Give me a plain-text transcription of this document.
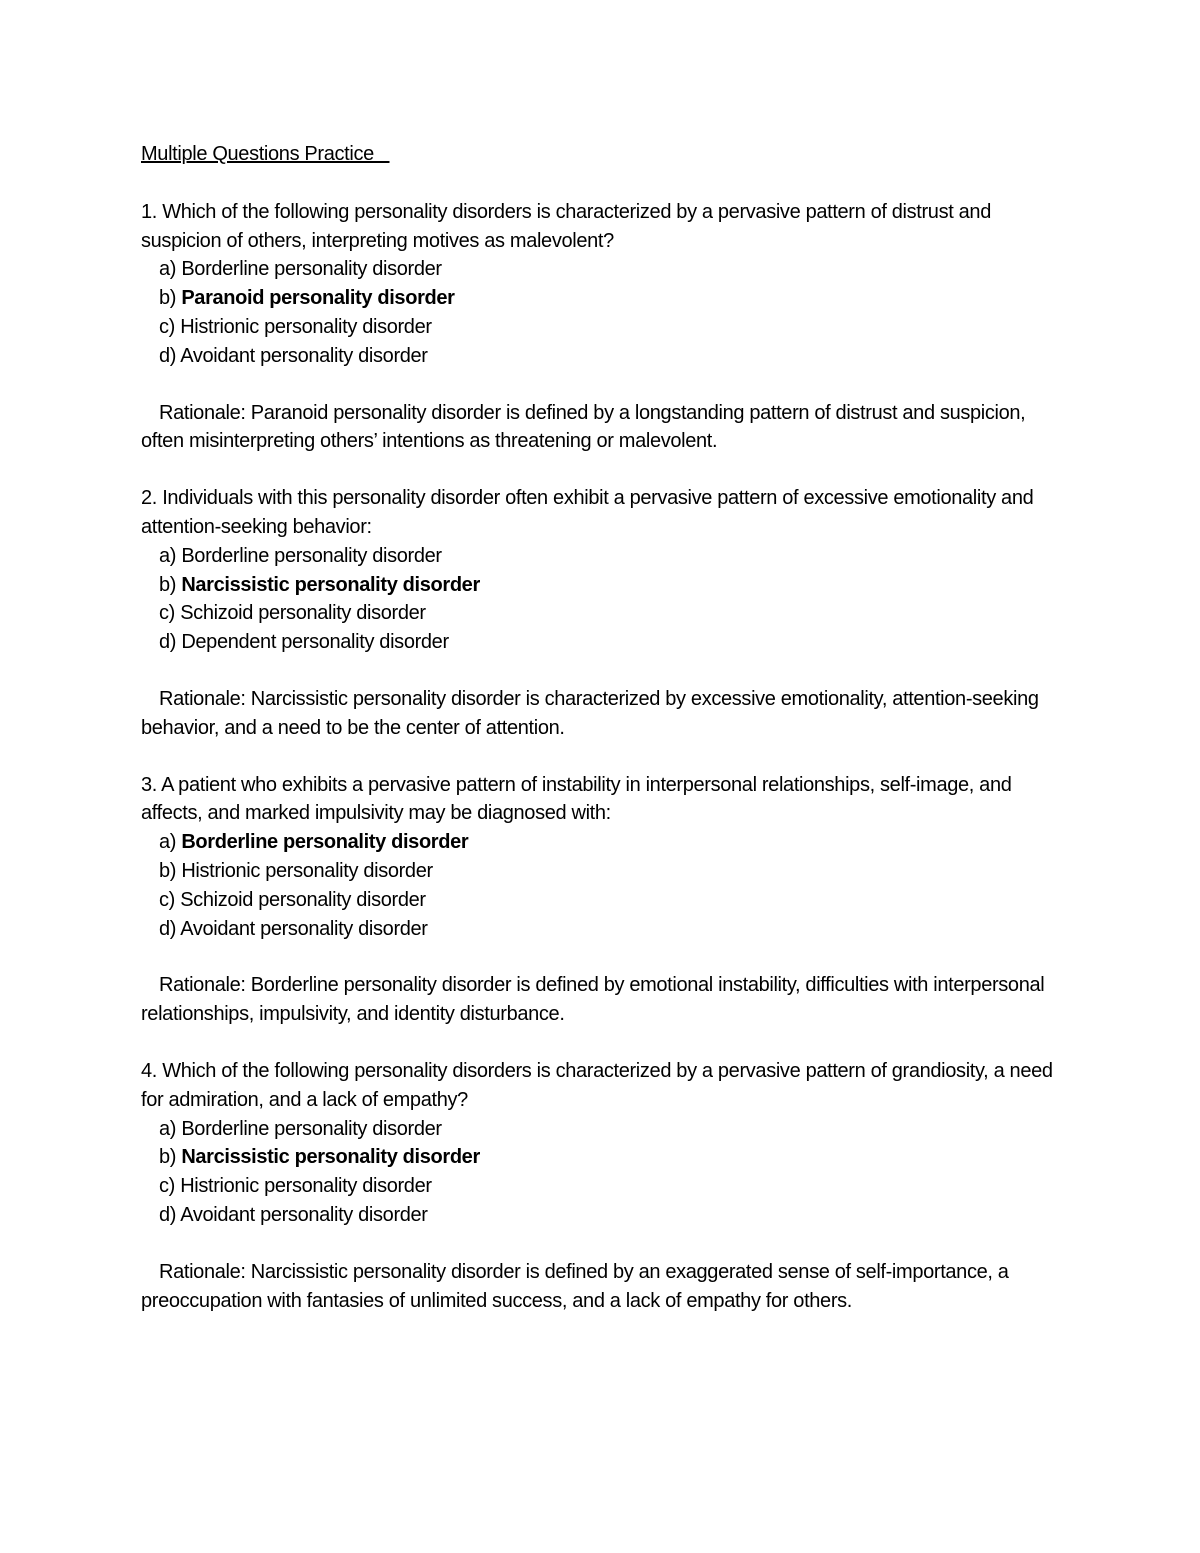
Multiple Questions Practice

1. Which of the following personality disorders is characterized by a pervasive pattern of distrust and suspicion of others, interpreting motives as malevolent?

a) Borderline personality disorder
b) Paranoid personality disorder
c) Histrionic personality disorder
d) Avoidant personality disorder

Rationale: Paranoid personality disorder is defined by a longstanding pattern of distrust and suspicion, often misinterpreting others’ intentions as threatening or malevolent.

2. Individuals with this personality disorder often exhibit a pervasive pattern of excessive emotionality and attention-seeking behavior:

a) Borderline personality disorder
b) Narcissistic personality disorder
c) Schizoid personality disorder
d) Dependent personality disorder

Rationale: Narcissistic personality disorder is characterized by excessive emotionality, attention-seeking behavior, and a need to be the center of attention.

3. A patient who exhibits a pervasive pattern of instability in interpersonal relationships, self-image, and affects, and marked impulsivity may be diagnosed with:

a) Borderline personality disorder
b) Histrionic personality disorder
c) Schizoid personality disorder
d) Avoidant personality disorder

Rationale: Borderline personality disorder is defined by emotional instability, difficulties with interpersonal relationships, impulsivity, and identity disturbance.

4. Which of the following personality disorders is characterized by a pervasive pattern of grandiosity, a need for admiration, and a lack of empathy?

a) Borderline personality disorder
b) Narcissistic personality disorder
c) Histrionic personality disorder
d) Avoidant personality disorder

Rationale: Narcissistic personality disorder is defined by an exaggerated sense of self-importance, a preoccupation with fantasies of unlimited success, and a lack of empathy for others.
